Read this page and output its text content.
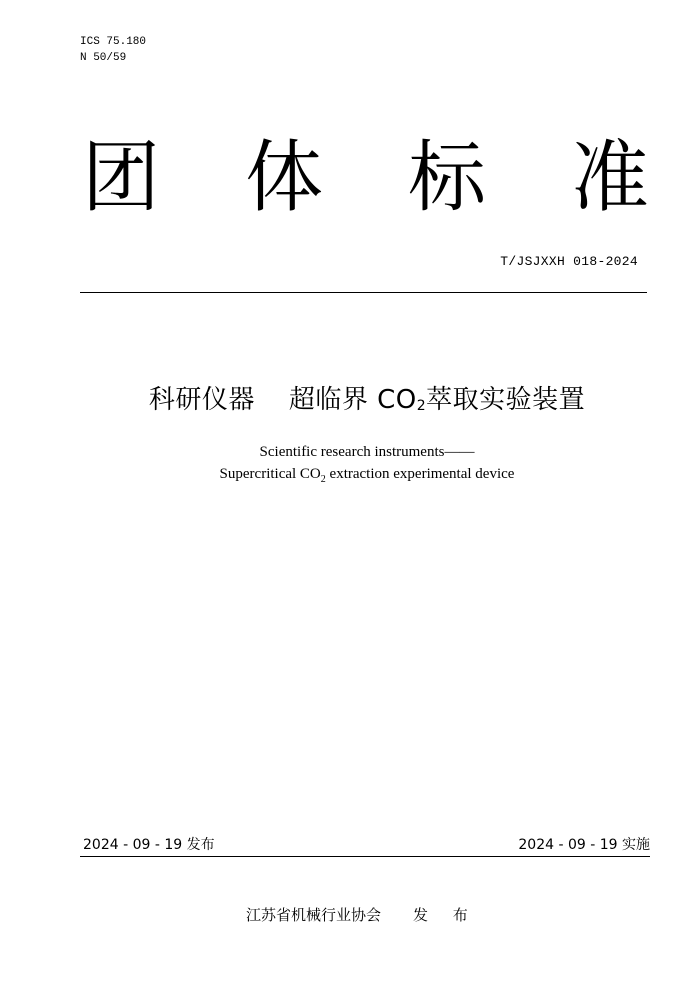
ICS 75.180
N 50/59
团 体 标 准
T/JSJXXH 018-2024
科研仪器 超临界 $CO_2$萃取实验装置
Scientific research instruments——
Supercritical $CO_2$ extraction experimental device
2024 - 09 - 19 发布	2024 - 09 - 19 实施
江苏省机械行业协会 发 布
